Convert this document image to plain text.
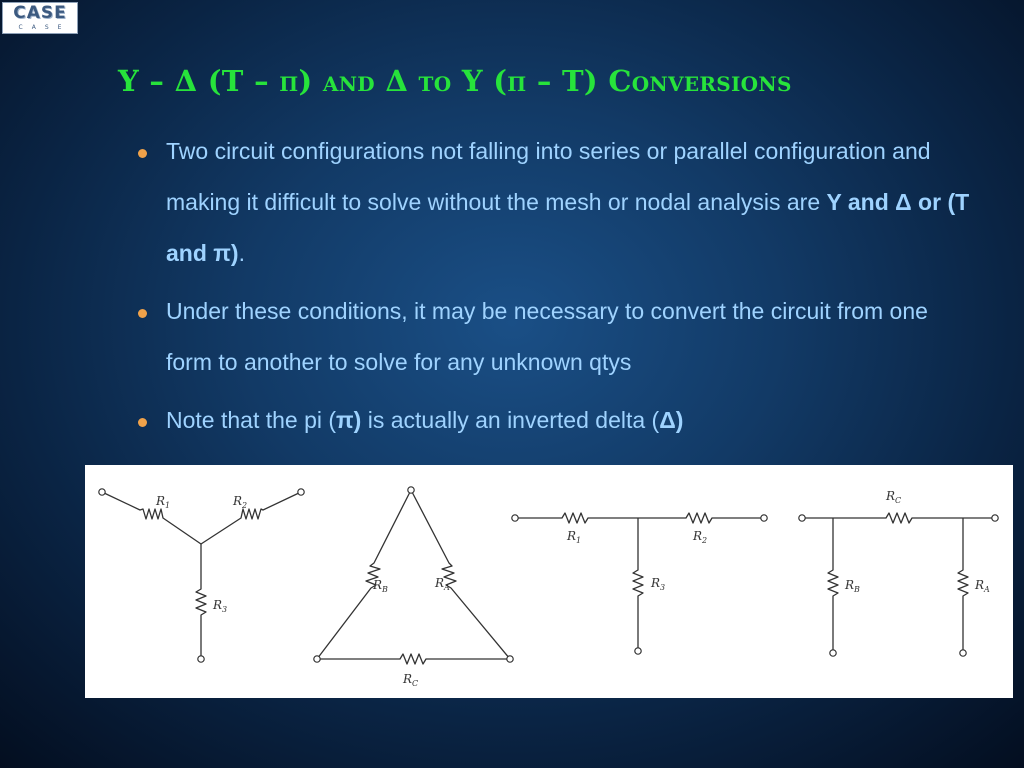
CASE
CASE
Y – Δ (T – π) and Δ to Y (π – T) Conversions
Two circuit configurations not falling into series or parallel configuration and making it difficult to solve without the mesh or nodal analysis are Y and Δ or (T and π).
Under these conditions, it may be necessary to convert the circuit from one form to another to solve for any unknown qtys
Note that the pi (π) is actually an inverted delta (Δ)
$R_1$	$R_2$
$R_3$
$R_B$	$R_A$
$R_C$
$R_1$	$R_2$
$R_3$
$R_C$
$R_B$	$R_A$
